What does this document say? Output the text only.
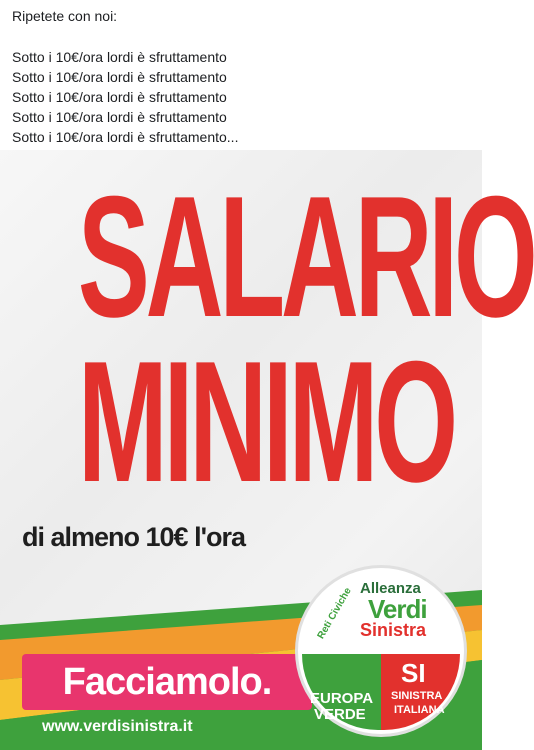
Ripetete con noi:
Sotto i 10€/ora lordi è sfruttamento
Sotto i 10€/ora lordi è sfruttamento
Sotto i 10€/ora lordi è sfruttamento
Sotto i 10€/ora lordi è sfruttamento
Sotto i 10€/ora lordi è sfruttamento...
SALARIO
MINIMO
di almeno 10€ l'ora
Facciamolo.
www.verdisinistra.it
Reti Civiche Alleanza
Verdi
Sinistra
EUROPA
VERDE
SI
SINISTRA
ITALIANA
